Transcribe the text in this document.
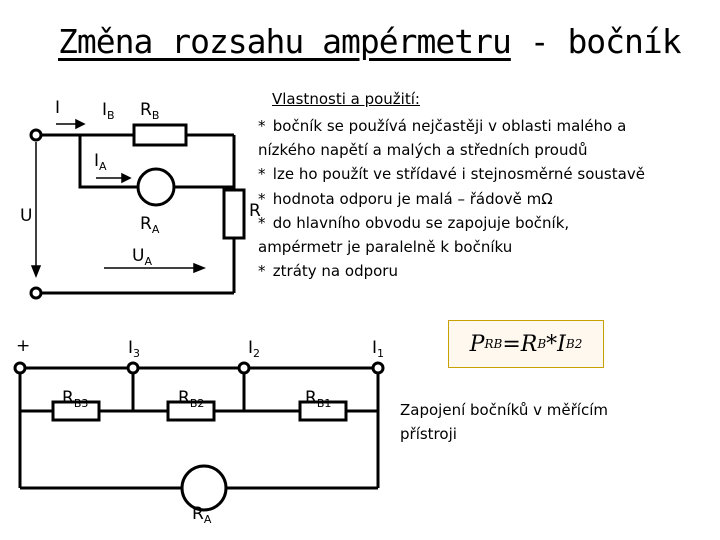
Změna rozsahu ampérmetru - bočník
I $I_B$ $R_B$
$I_A$
U	$R_A$
$U_A$
R
Vlastnosti a použití:
* bočník se používá nejčastěji v oblasti malého a
nízkého napětí a malých a středních proudů
* lze ho použít ve střídavé i stejnosměrné soustavě
* hodnota odporu je malá – řádově mΩ
* do hlavního obvodu se zapojuje bočník,
ampérmetr je paralelně k bočníku
* ztráty na odporu
P RB = R B * I B 2
+	$I_3$	$I_2$	$I_1$
$R_{B3}$	$R_{B2}$	$R_{B1}$
$R_A$
Zapojení bočníků v měřícím přístroji
